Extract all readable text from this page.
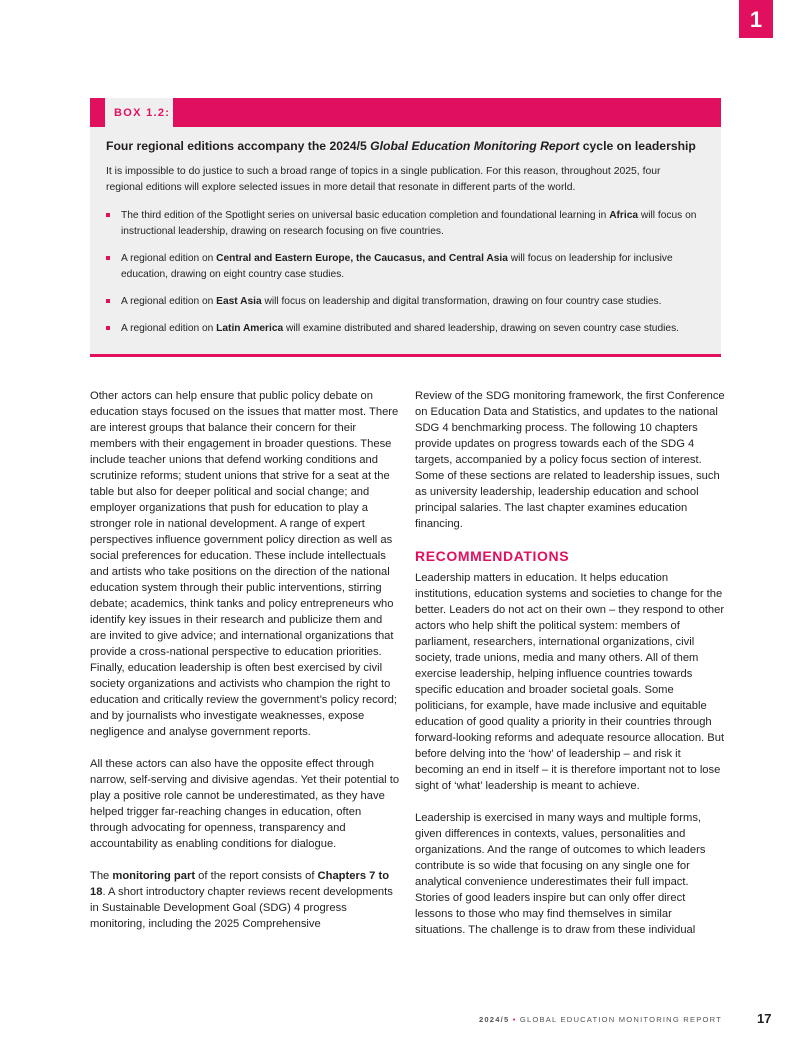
1
BOX 1.2:

Four regional editions accompany the 2024/5 Global Education Monitoring Report cycle on leadership

It is impossible to do justice to such a broad range of topics in a single publication. For this reason, throughout 2025, four regional editions will explore selected issues in more detail that resonate in different parts of the world.

The third edition of the Spotlight series on universal basic education completion and foundational learning in Africa will focus on instructional leadership, drawing on research focusing on five countries.
A regional edition on Central and Eastern Europe, the Caucasus, and Central Asia will focus on leadership for inclusive education, drawing on eight country case studies.
A regional edition on East Asia will focus on leadership and digital transformation, drawing on four country case studies.
A regional edition on Latin America will examine distributed and shared leadership, drawing on seven country case studies.

Other actors can help ensure that public policy debate on education stays focused on the issues that matter most. There are interest groups that balance their concern for their members with their engagement in broader questions. These include teacher unions that defend working conditions and scrutinize reforms; student unions that strive for a seat at the table but also for deeper political and social change; and employer organizations that push for education to play a stronger role in national development. A range of expert perspectives influence government policy direction as well as social preferences for education. These include intellectuals and artists who take positions on the direction of the national education system through their public interventions, stirring debate; academics, think tanks and policy entrepreneurs who identify key issues in their research and publicize them and are invited to give advice; and international organizations that provide a cross-national perspective to education priorities. Finally, education leadership is often best exercised by civil society organizations and activists who champion the right to education and critically review the government’s policy record; and by journalists who investigate weaknesses, expose negligence and analyse government reports.

All these actors can also have the opposite effect through narrow, self-serving and divisive agendas. Yet their potential to play a positive role cannot be underestimated, as they have helped trigger far-reaching changes in education, often through advocating for openness, transparency and accountability as enabling conditions for dialogue.

The monitoring part of the report consists of Chapters 7 to 18. A short introductory chapter reviews recent developments in Sustainable Development Goal (SDG) 4 progress monitoring, including the 2025 Comprehensive

Review of the SDG monitoring framework, the first Conference on Education Data and Statistics, and updates to the national SDG 4 benchmarking process. The following 10 chapters provide updates on progress towards each of the SDG 4 targets, accompanied by a policy focus section of interest. Some of these sections are related to leadership issues, such as university leadership, leadership education and school principal salaries. The last chapter examines education financing.

RECOMMENDATIONS

Leadership matters in education. It helps education institutions, education systems and societies to change for the better. Leaders do not act on their own – they respond to other actors who help shift the political system: members of parliament, researchers, international organizations, civil society, trade unions, media and many others. All of them exercise leadership, helping influence countries towards specific education and broader societal goals. Some politicians, for example, have made inclusive and equitable education of good quality a priority in their countries through forward-looking reforms and adequate resource allocation. But before delving into the ‘how’ of leadership – and risk it becoming an end in itself – it is therefore important not to lose sight of ‘what’ leadership is meant to achieve.

Leadership is exercised in many ways and multiple forms, given differences in contexts, values, personalities and organizations. And the range of outcomes to which leaders contribute is so wide that focusing on any single one for analytical convenience underestimates their full impact. Stories of good leaders inspire but can only offer direct lessons to those who may find themselves in similar situations. The challenge is to draw from these individual

2024/5 • GLOBAL EDUCATION MONITORING REPORT	17
